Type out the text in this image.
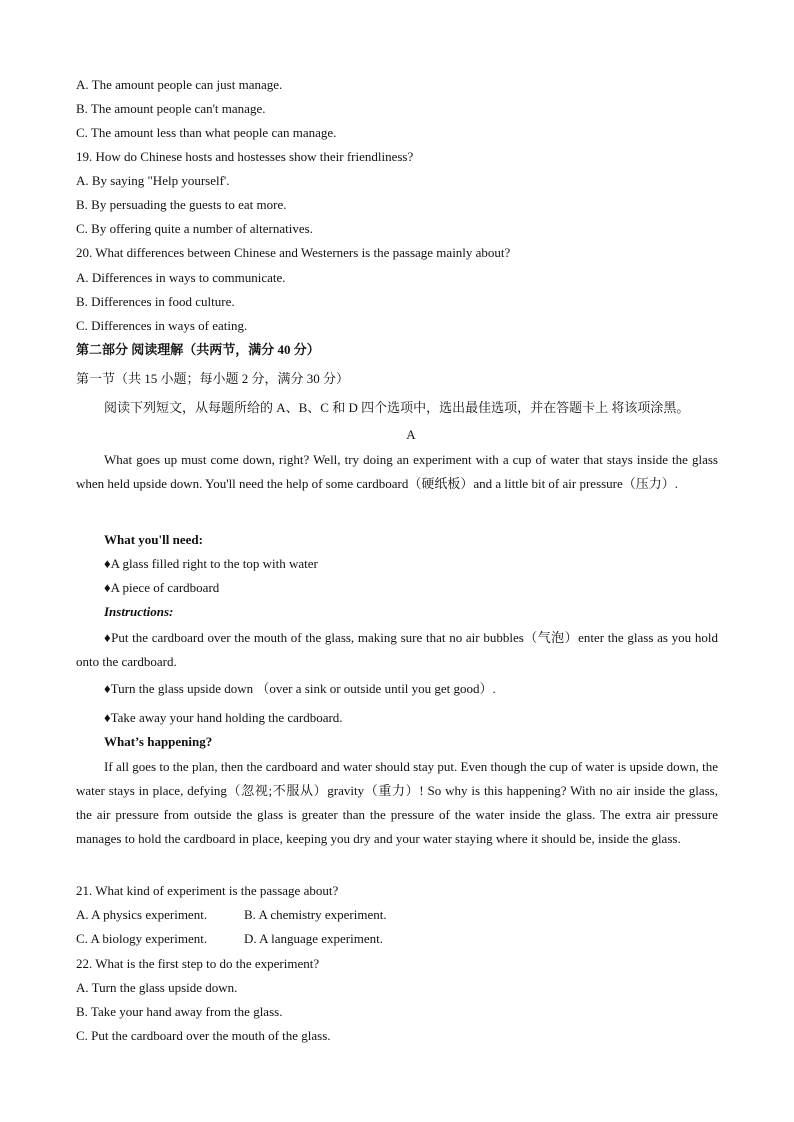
A. The amount people can just manage.
B. The amount people can't manage.
C. The amount less than what people can manage.
19. How do Chinese hosts and hostesses show their friendliness?
A. By saying "Help yourself'.
B. By persuading the guests to eat more.
C. By offering quite a number of alternatives.
20. What differences between Chinese and Westerners is the passage mainly about?
A. Differences in ways to communicate.
B. Differences in food culture.
C. Differences in ways of eating.
第二部分 阅读理解（共两节，满分 40 分）
第一节（共 15 小题；每小题 2 分，满分 30 分）
阅读下列短文，从每题所给的 A、B、C 和 D 四个选项中，选出最佳选项，并在答题卡上 将该项涂黑。
A
What goes up must come down, right? Well, try doing an experiment with a cup of water that stays inside the glass when held upside down. You'll need the help of some cardboard（硬纸板）and a little bit of air pressure（压力）.
What you'll need:
♦A glass filled right to the top with water
♦A piece of cardboard
Instructions:
♦Put the cardboard over the mouth of the glass, making sure that no air bubbles（气泡）enter the glass as you hold onto the cardboard.
♦Turn the glass upside down （over a sink or outside until you get good）.
♦Take away your hand holding the cardboard.
What’s happening?
If all goes to the plan, then the cardboard and water should stay put. Even though the cup of water is upside down, the water stays in place, defying（忽视;不服从）gravity（重力）! So why is this happening? With no air inside the glass, the air pressure from outside the glass is greater than the pressure of the water inside the glass. The extra air pressure manages to hold the cardboard in place, keeping you dry and your water staying where it should be, inside the glass.
21. What kind of experiment is the passage about?
A. A physics experiment.	B. A chemistry experiment.
C. A biology experiment.	D. A language experiment.
22. What is the first step to do the experiment?
A. Turn the glass upside down.
B. Take your hand away from the glass.
C. Put the cardboard over the mouth of the glass.
